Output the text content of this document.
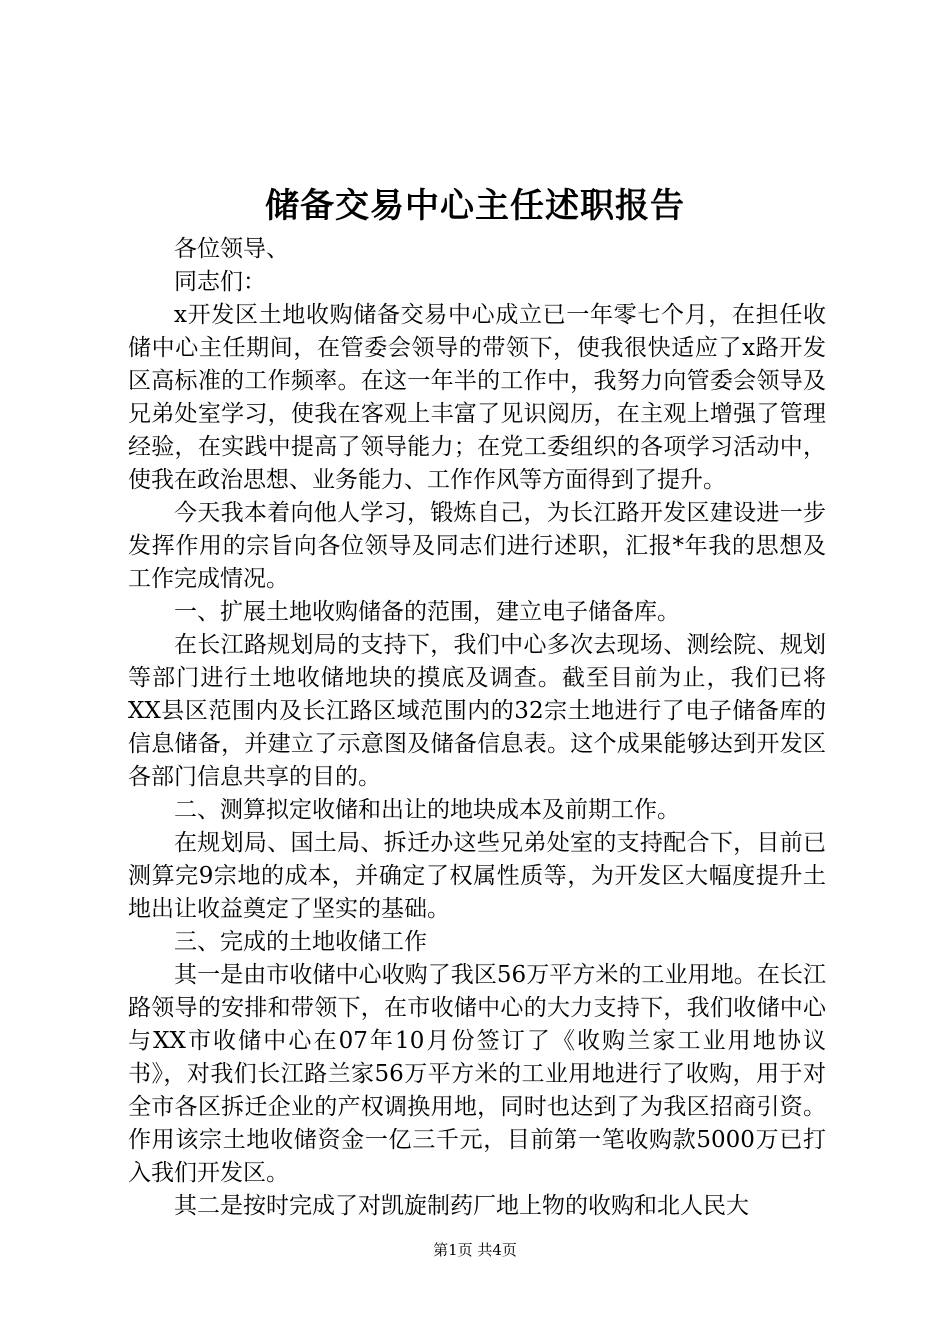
储备交易中心主任述职报告

各位领导、

同志们：

x开发区土地收购储备交易中心成立已一年零七个月，在担任收储中心主任期间，在管委会领导的带领下，使我很快适应了x路开发区高标准的工作频率。在这一年半的工作中，我努力向管委会领导及兄弟处室学习，使我在客观上丰富了见识阅历，在主观上增强了管理经验，在实践中提高了领导能力；在党工委组织的各项学习活动中，使我在政治思想、业务能力、工作作风等方面得到了提升。

今天我本着向他人学习，锻炼自己，为长江路开发区建设进一步发挥作用的宗旨向各位领导及同志们进行述职，汇报*年我的思想及工作完成情况。

一、扩展土地收购储备的范围，建立电子储备库。

在长江路规划局的支持下，我们中心多次去现场、测绘院、规划等部门进行土地收储地块的摸底及调查。截至目前为止，我们已将XX县区范围内及长江路区域范围内的32宗土地进行了电子储备库的信息储备，并建立了示意图及储备信息表。这个成果能够达到开发区各部门信息共享的目的。

二、测算拟定收储和出让的地块成本及前期工作。

在规划局、国土局、拆迁办这些兄弟处室的支持配合下，目前已测算完9宗地的成本，并确定了权属性质等，为开发区大幅度提升土地出让收益奠定了坚实的基础。

三、完成的土地收储工作

其一是由市收储中心收购了我区56万平方米的工业用地。在长江路领导的安排和带领下，在市收储中心的大力支持下，我们收储中心与XX市收储中心在07年10月份签订了《收购兰家工业用地协议书》，对我们长江路兰家56万平方米的工业用地进行了收购，用于对全市各区拆迁企业的产权调换用地，同时也达到了为我区招商引资。作用该宗土地收储资金一亿三千元，目前第一笔收购款5000万已打入我们开发区。

其二是按时完成了对凯旋制药厂地上物的收购和北人民大

第1页 共4页
